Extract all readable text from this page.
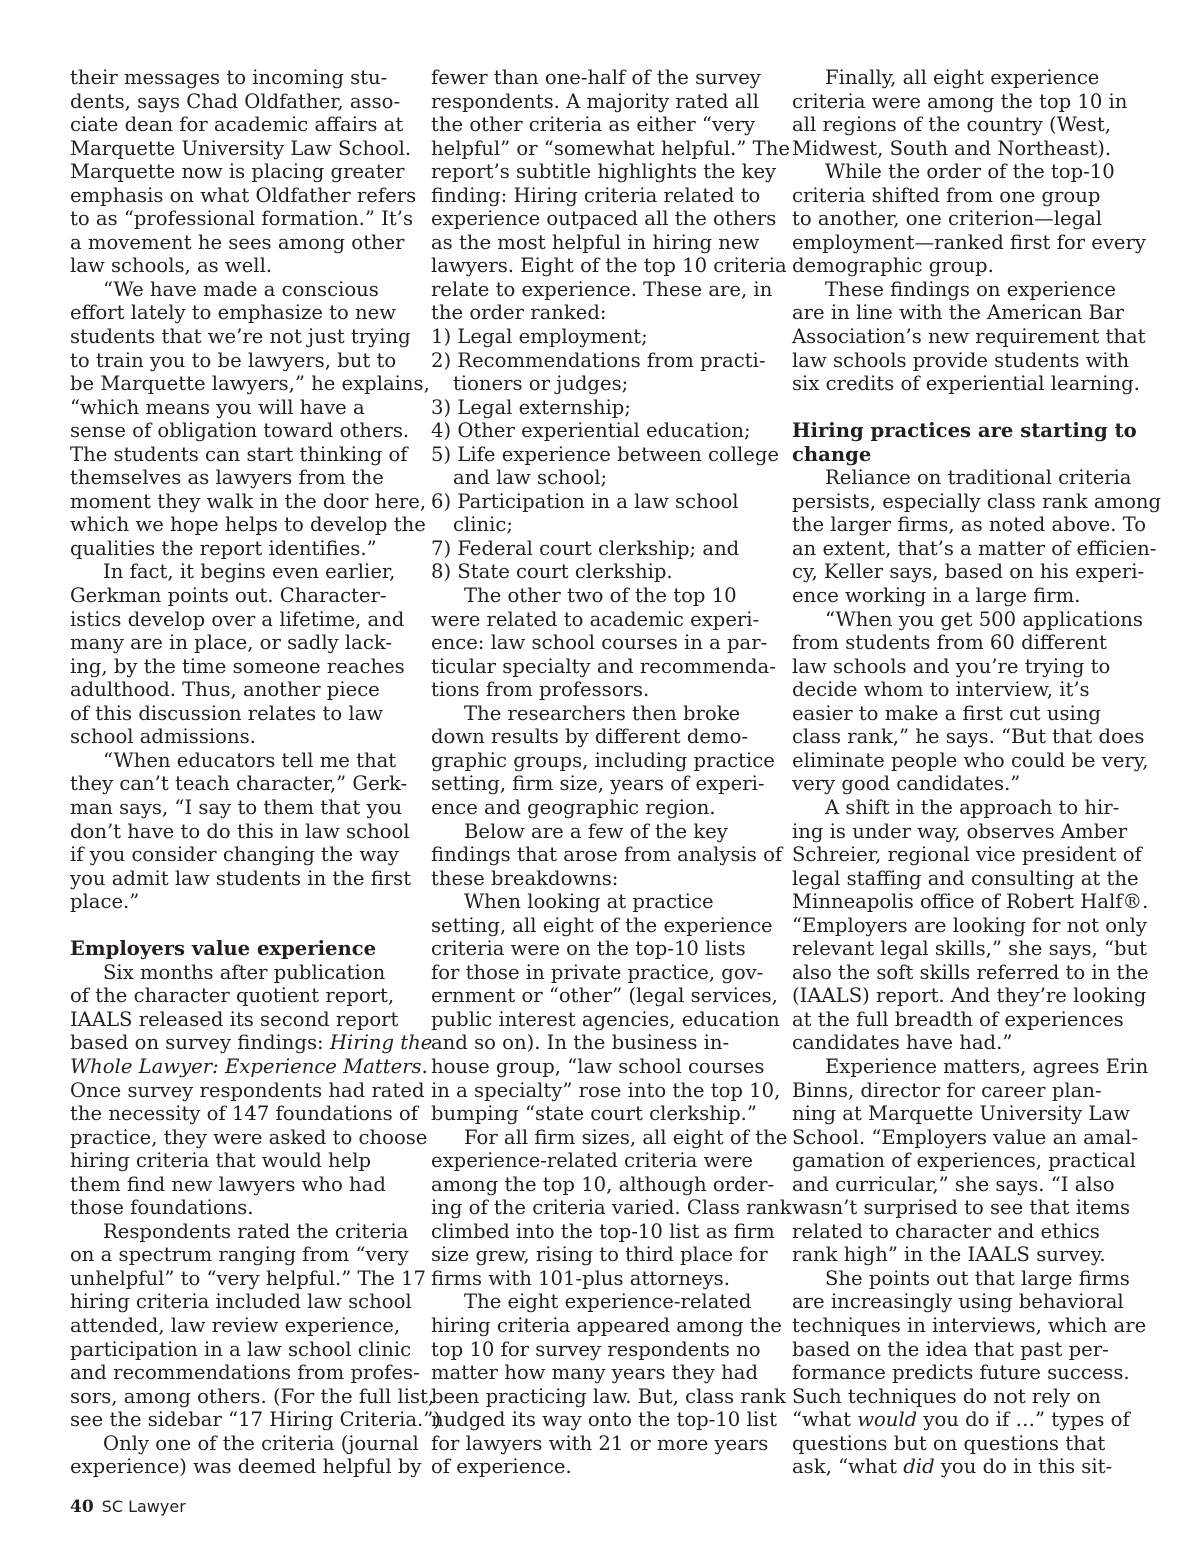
their messages to incoming stu-
dents, says Chad Oldfather, asso-
ciate dean for academic affairs at
Marquette University Law School.
Marquette now is placing greater
emphasis on what Oldfather refers
to as “professional formation.” It’s
a movement he sees among other
law schools, as well.
“We have made a conscious
effort lately to emphasize to new
students that we’re not just trying
to train you to be lawyers, but to
be Marquette lawyers,” he explains,
“which means you will have a
sense of obligation toward others.
The students can start thinking of
themselves as lawyers from the
moment they walk in the door here,
which we hope helps to develop the
qualities the report identifies.”
In fact, it begins even earlier,
Gerkman points out. Character-
istics develop over a lifetime, and
many are in place, or sadly lack-
ing, by the time someone reaches
adulthood. Thus, another piece
of this discussion relates to law
school admissions.
“When educators tell me that
they can’t teach character,” Gerk-
man says, “I say to them that you
don’t have to do this in law school
if you consider changing the way
you admit law students in the first
place.”
Employers value experience
Six months after publication
of the character quotient report,
IAALS released its second report
based on survey findings: Hiring the
Whole Lawyer: Experience Matters.
Once survey respondents had rated
the necessity of 147 foundations of
practice, they were asked to choose
hiring criteria that would help
them find new lawyers who had
those foundations.
Respondents rated the criteria
on a spectrum ranging from “very
unhelpful” to “very helpful.” The 17
hiring criteria included law school
attended, law review experience,
participation in a law school clinic
and recommendations from profes-
sors, among others. (For the full list,
see the sidebar “17 Hiring Criteria.”)
Only one of the criteria (journal
experience) was deemed helpful by
fewer than one-half of the survey
respondents. A majority rated all
the other criteria as either “very
helpful” or “somewhat helpful.” The
report’s subtitle highlights the key
finding: Hiring criteria related to
experience outpaced all the others
as the most helpful in hiring new
lawyers. Eight of the top 10 criteria
relate to experience. These are, in
the order ranked:
1) Legal employment;
2) Recommendations from practi-
tioners or judges;
3) Legal externship;
4) Other experiential education;
5) Life experience between college
and law school;
6) Participation in a law school
clinic;
7) Federal court clerkship; and
8) State court clerkship.
The other two of the top 10
were related to academic experi-
ence: law school courses in a par-
ticular specialty and recommenda-
tions from professors.
The researchers then broke
down results by different demo-
graphic groups, including practice
setting, firm size, years of experi-
ence and geographic region.
Below are a few of the key
findings that arose from analysis of
these breakdowns:
When looking at practice
setting, all eight of the experience
criteria were on the top-10 lists
for those in private practice, gov-
ernment or “other” (legal services,
public interest agencies, education
and so on). In the business in-
house group, “law school courses
in a specialty” rose into the top 10,
bumping “state court clerkship.”
For all firm sizes, all eight of the
experience-related criteria were
among the top 10, although order-
ing of the criteria varied. Class rank
climbed into the top-10 list as firm
size grew, rising to third place for
firms with 101-plus attorneys.
The eight experience-related
hiring criteria appeared among the
top 10 for survey respondents no
matter how many years they had
been practicing law. But, class rank
nudged its way onto the top-10 list
for lawyers with 21 or more years
of experience.
Finally, all eight experience
criteria were among the top 10 in
all regions of the country (West,
Midwest, South and Northeast).
While the order of the top-10
criteria shifted from one group
to another, one criterion—legal
employment—ranked first for every
demographic group.
These findings on experience
are in line with the American Bar
Association’s new requirement that
law schools provide students with
six credits of experiential learning.
Hiring practices are starting to
change
Reliance on traditional criteria
persists, especially class rank among
the larger firms, as noted above. To
an extent, that’s a matter of efficien-
cy, Keller says, based on his experi-
ence working in a large firm.
“When you get 500 applications
from students from 60 different
law schools and you’re trying to
decide whom to interview, it’s
easier to make a first cut using
class rank,” he says. “But that does
eliminate people who could be very,
very good candidates.”
A shift in the approach to hir-
ing is under way, observes Amber
Schreier, regional vice president of
legal staffing and consulting at the
Minneapolis office of Robert Half®.
“Employers are looking for not only
relevant legal skills,” she says, “but
also the soft skills referred to in the
(IAALS) report. And they’re looking
at the full breadth of experiences
candidates have had.”
Experience matters, agrees Erin
Binns, director for career plan-
ning at Marquette University Law
School. “Employers value an amal-
gamation of experiences, practical
and curricular,” she says. “I also
wasn’t surprised to see that items
related to character and ethics
rank high” in the IAALS survey.
She points out that large firms
are increasingly using behavioral
techniques in interviews, which are
based on the idea that past per-
formance predicts future success.
Such techniques do not rely on
“what would you do if …” types of
questions but on questions that
ask, “what did you do in this sit-
40 SC Lawyer
